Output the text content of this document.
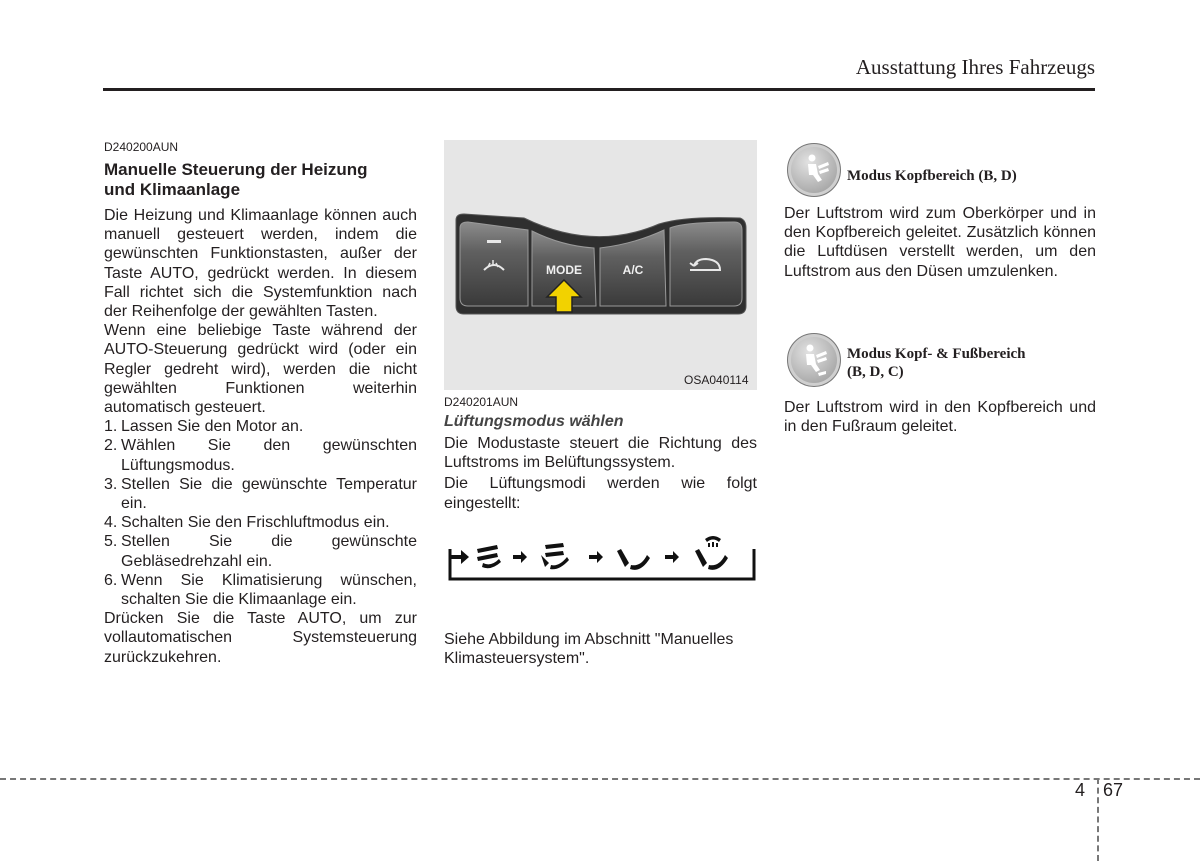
Ausstattung Ihres Fahrzeugs
D240200AUN
Manuelle Steuerung der Heizung
und Klimaanlage

Die Heizung und Klimaanlage können auch manuell gesteuert werden, indem die gewünschten Funktionstasten, außer der Taste AUTO, gedrückt werden. In diesem Fall richtet sich die Systemfunktion nach der Reihenfolge der gewählten Tasten.

Wenn eine beliebige Taste während der AUTO-Steuerung gedrückt wird (oder ein Regler gedreht wird), werden die nicht gewählten Funktionen weiterhin automatisch gesteuert.

1. Lassen Sie den Motor an.
2. Wählen Sie den gewünschten Lüftungsmodus.
3. Stellen Sie die gewünschte Temperatur ein.
4. Schalten Sie den Frischluftmodus ein.
5. Stellen Sie die gewünschte Gebläsedrehzahl ein.
6. Wenn Sie Klimatisierung wünschen, schalten Sie die Klimaanlage ein.

Drücken Sie die Taste AUTO, um zur vollautomatischen Systemsteuerung zurückzukehren.

MODE	A/C
OSA040114
D240201AUN
Lüftungsmodus wählen

Die Modustaste steuert die Richtung des Luftstroms im Belüftungssystem.

Die Lüftungsmodi werden wie folgt eingestellt:

Siehe Abbildung im Abschnitt "Manuelles Klimasteuersystem".
Modus Kopfbereich (B, D)
Der Luftstrom wird zum Oberkörper und in den Kopfbereich geleitet. Zusätzlich können die Luftdüsen verstellt werden, um den Luftstrom aus den Düsen umzulenken.
Modus Kopf- & Fußbereich
(B, D, C)
Der Luftstrom wird in den Kopfbereich und in den Fußraum geleitet.
4 67
